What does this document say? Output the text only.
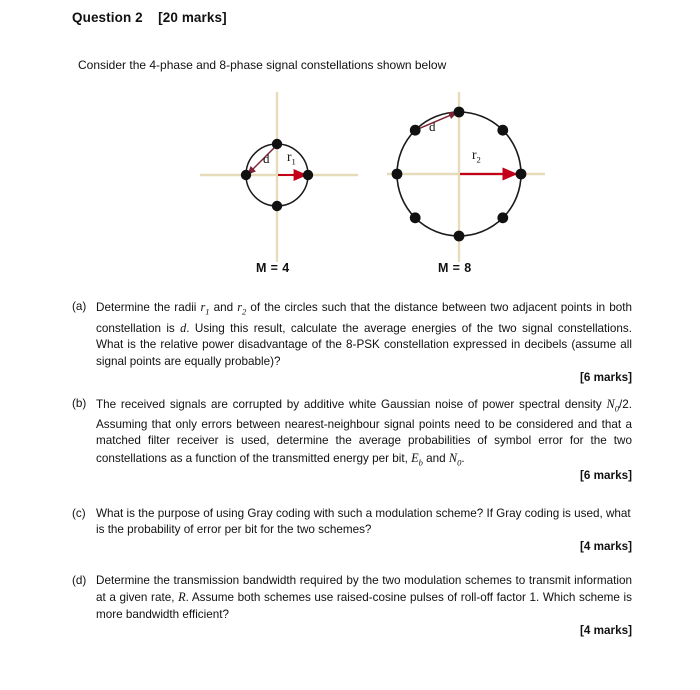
Question 2    [20 marks]
Consider the 4-phase and 8-phase signal constellations shown below
d $r_1$
d
$r_2$
M = 4	M = 8
(a) Determine the radii $r_1$ and $r_2$ of the circles such that the distance between two adjacent points in both constellation is d. Using this result, calculate the average energies of the two signal constellations. What is the relative power disadvantage of the 8-PSK constellation expressed in decibels (assume all signal points are equally probable)?
[6 marks]
(b) The received signals are corrupted by additive white Gaussian noise of power spectral density $N_0/2$. Assuming that only errors between nearest-neighbour signal points need to be considered and that a matched filter receiver is used, determine the average probabilities of symbol error for the two constellations as a function of the transmitted energy per bit, $E_b$ and $N_0$.
[6 marks]
(c) What is the purpose of using Gray coding with such a modulation scheme? If Gray coding is used, what is the probability of error per bit for the two schemes?
[4 marks]
(d) Determine the transmission bandwidth required by the two modulation schemes to transmit information at a given rate, R. Assume both schemes use raised-cosine pulses of roll-off factor 1. Which scheme is more bandwidth efficient?
[4 marks]
